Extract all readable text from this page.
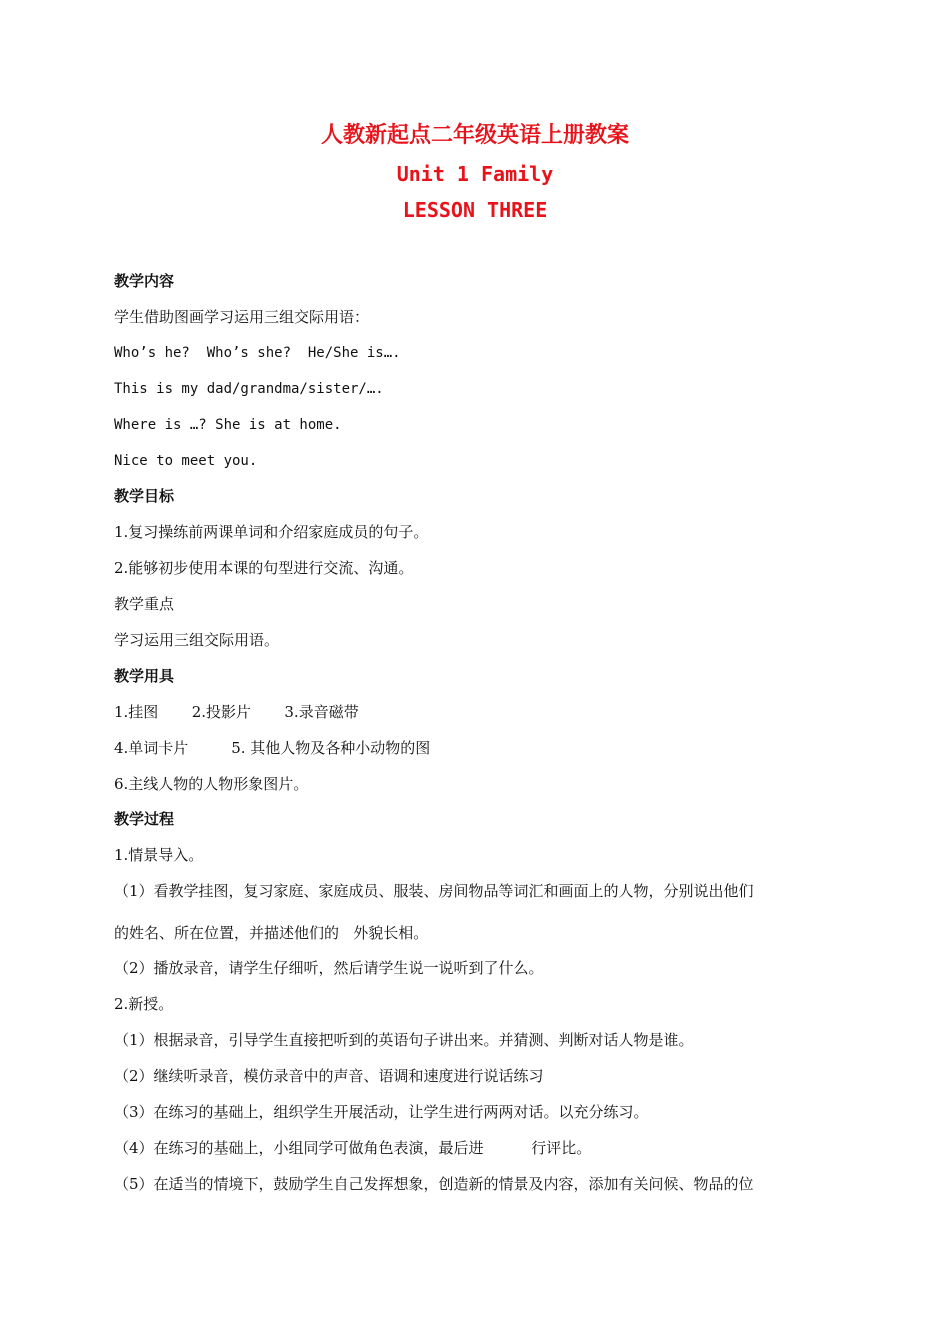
人教新起点二年级英语上册教案
Unit 1 Family
LESSON THREE
教学内容
学生借助图画学习运用三组交际用语：
Who’s he?  Who’s she?  He/She is….
This is my dad/grandma/sister/….
Where is …? She is at home.
Nice to meet you.
教学目标
1.复习操练前两课单词和介绍家庭成员的句子。
2.能够初步使用本课的句型进行交流、沟通。
教学重点
学习运用三组交际用语。
教学用具
1.挂图       2.投影片       3.录音磁带
4.单词卡片         5. 其他人物及各种小动物的图
6.主线人物的人物形象图片。
教学过程
1.情景导入。
（1）看教学挂图，复习家庭、家庭成员、服装、房间物品等词汇和画面上的人物，分别说出他们
的姓名、所在位置，并描述他们的   外貌长相。
（2）播放录音，请学生仔细听，然后请学生说一说听到了什么。
2.新授。
（1）根据录音，引导学生直接把听到的英语句子讲出来。并猜测、判断对话人物是谁。
（2）继续听录音，模仿录音中的声音、语调和速度进行说话练习
（3）在练习的基础上，组织学生开展活动，让学生进行两两对话。以充分练习。
（4）在练习的基础上，小组同学可做角色表演，最后进          行评比。
（5）在适当的情境下，鼓励学生自己发挥想象，创造新的情景及内容，添加有关问候、物品的位
